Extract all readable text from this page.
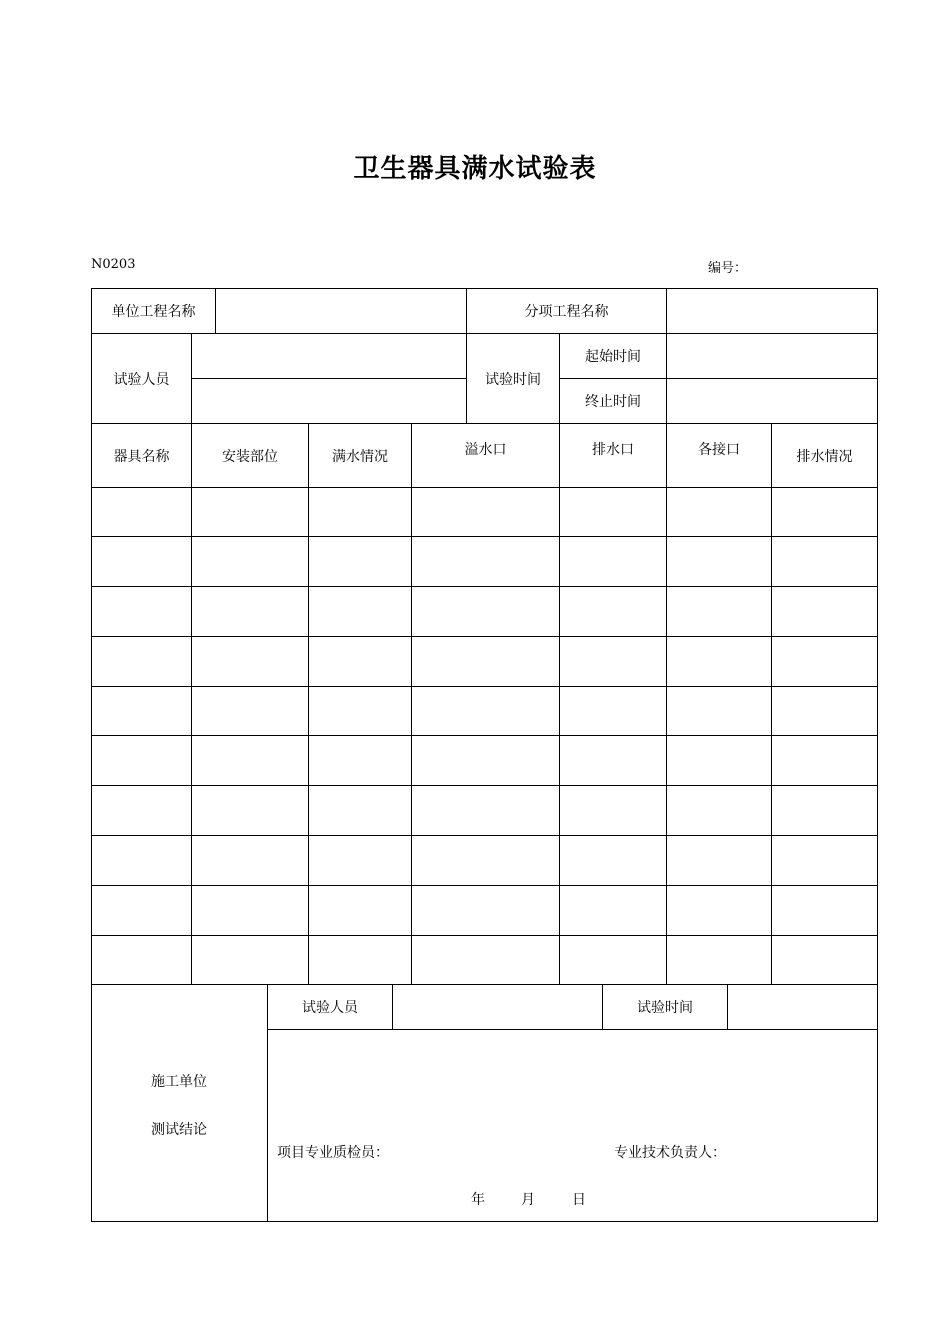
卫生器具满水试验表
N0203	编号：
单位工程名称	分项工程名称
试验人员	试验时间
起始时间
终止时间
器具名称	安装部位	满水情况	溢水口	排水口	各接口	排水情况
施工单位
测试结论
试验人员	试验时间
项目专业质检员：	专业技术负责人：
年	月	日
